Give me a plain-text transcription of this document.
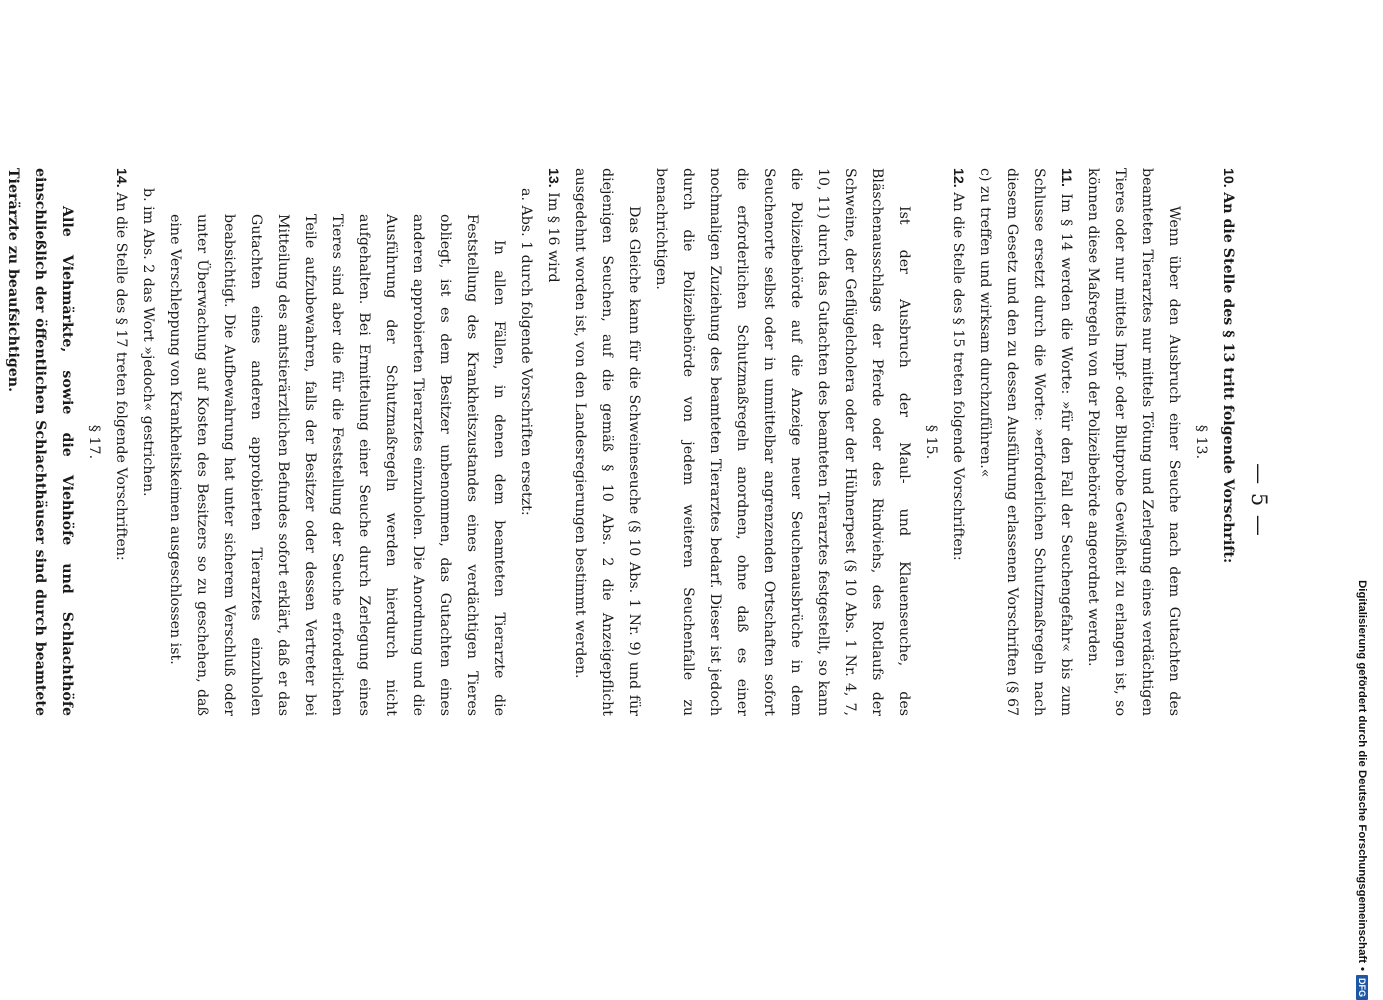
— 5 —

10. An die Stelle des § 13 tritt folgende Vorschrift:

§ 13.

Wenn über den Ausbruch einer Seuche nach dem Gutachten des beamteten Tierarztes nur mittels Tötung und Zerlegung eines verdächtigen Tieres oder nur mittels Impf- oder Blutprobe Gewißheit zu erlangen ist, so können diese Maßregeln von der Polizeibehörde angeordnet werden.

11. Im § 14 werden die Worte: »für den Fall der Seuchengefahr« bis zum Schlusse ersetzt durch die Worte: »erforderlichen Schutzmaßregeln nach diesem Gesetz und den zu dessen Ausführung erlassenen Vorschriften (§ 67 c) zu treffen und wirksam durchzuführen.«

12. An die Stelle des § 15 treten folgende Vorschriften:

§ 15.

Ist der Ausbruch der Maul- und Klauenseuche, des Bläschenausschlags der Pferde oder des Rindviehs, des Rotlaufs der Schweine, der Geflügelcholera oder der Hühnerpest (§ 10 Abs. 1 Nr. 4, 7, 10, 11) durch das Gutachten des beamteten Tierarztes festgestellt, so kann die Polizeibehörde auf die Anzeige neuer Seuchenausbrüche in dem Seuchenorte selbst oder in unmittelbar angrenzenden Ortschaften sofort die erforderlichen Schutzmaßregeln anordnen, ohne daß es einer nochmaligen Zuziehung des beamteten Tierarztes bedarf. Dieser ist jedoch durch die Polizeibehörde von jedem weiteren Seuchenfalle zu benachrichtigen.

Das Gleiche kann für die Schweineseuche (§ 10 Abs. 1 Nr. 9) und für diejenigen Seuchen, auf die gemäß § 10 Abs. 2 die Anzeigepflicht ausgedehnt worden ist, von den Landesregierungen bestimmt werden.

13. Im § 16 wird

a. Abs. 1 durch folgende Vorschriften ersetzt:

In allen Fällen, in denen dem beamteten Tierarzte die Feststellung des Krankheitszustandes eines verdächtigen Tieres obliegt, ist es dem Besitzer unbenommen, das Gutachten eines anderen approbierten Tierarztes einzuholen. Die Anordnung und die Ausführung der Schutzmaßregeln werden hierdurch nicht aufgehalten. Bei Ermittelung einer Seuche durch Zerlegung eines Tieres sind aber die für die Feststellung der Seuche erforderlichen Teile aufzubewahren, falls der Besitzer oder dessen Vertreter bei Mitteilung des amtstierärztlichen Befundes sofort erklärt, daß er das Gutachten eines anderen approbierten Tierarztes einzuholen beabsichtigt. Die Aufbewahrung hat unter sicherem Verschluß oder unter Überwachung auf Kosten des Besitzers so zu geschehen, daß eine Verschleppung von Krankheitskeimen ausgeschlossen ist.

b. im Abs. 2 das Wort »jedoch« gestrichen.

14. An die Stelle des § 17 treten folgende Vorschriften:

§ 17.

Alle Viehmärkte, sowie die Viehhöfe und Schlachthöfe einschließlich der öffentlichen Schlachthäuser sind durch beamtete Tierärzte zu beaufsichtigen.

Digitalisierung gefördert durch die Deutsche Forschungsgemeinschaft
•
DFG
